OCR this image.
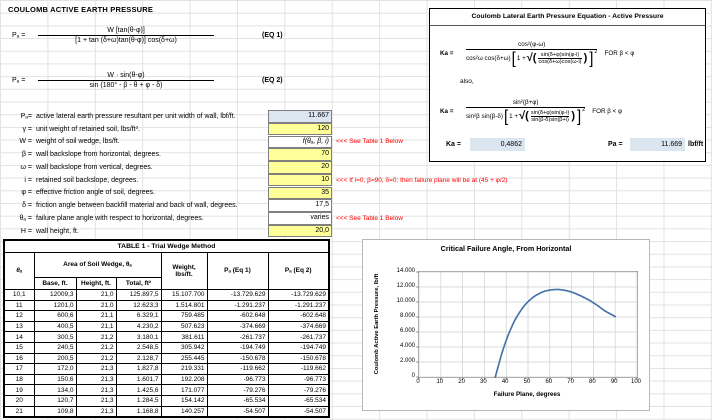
COULOMB ACTIVE EARTH PRESSURE
Pₐ =	$\frac{W [\tan(\theta-\varphi)]}{[1 + \tan (\delta+\omega)\tan(\theta-\varphi)] \cos(\delta+\omega)}$	(EQ 1)
Pₐ =	$\frac{W \cdot \sin(\theta-\varphi)}{\sin (180^\circ - \beta - \theta + \varphi - \delta)}$	(EQ 2)
Pₐ= active lateral earth pressure resultant per unit width of wall, lbf/ft.	11.667
γ = unit weight of retained soil, lbs/ft³.	120
W = weight of soil wedge, lbs/ft.	f(θₐ, β, i)	<<< See Table 1 Below
β = wall backslope from horizontal, degrees.	70
ω = wall backslope from vertical, degrees.	20
i = retained soil backslope, degrees.	10	<<< If i=0, β=90, δ=0; then failure plane will be at (45 + φ/2)
φ = effective friction angle of soil, degrees.	35
δ = friction angle between backfill material and back of wall, degrees.	17,5
θₐ = failure plane angle with respect to horizontal, degrees.	varies	<<< See Table 1 Below
H = wall height, ft.	20,0
Coulomb Lateral Earth Pressure Equation - Active Pressure
Ka =
cos²(φ-ω)
cos²ω cos(δ+ω) [ 1 + √( $\frac{\sin(\delta+\varphi)\sin(\varphi-i)}{\cos(\delta+\omega)\cos(\omega-i)}$ ) ] 2 FOR β < φ
also,
Ka =
sin²(β+φ)
sin²β sin(β-δ) [ 1 + √( $\frac{\sin(\delta+\varphi)\sin(\varphi-i)}{\sin(\beta-\delta)\sin(\beta+i)}$ ) ] 2 FOR β < φ
Ka =	0,4862	Pa =	11.669 lbf/ft
TABLE 1 - Trial Wedge Method						
θₐ	Area of Soil Wedge, θₐ			Weight, lbs/ft.	Pₐ (Eq 1)	Pₐ (Eq 2)
	Base, ft.	Height, ft.	Total, ft²			
10,1	12009,3	21,0	125.897,5	15.107.700	-13.729.629	-13.729.629
11	1201,0	21,0	12.623,3	1.514.801	-1.291.237	-1.291.237
12	600,6	21,1	6.329,1	759.485	-602.648	-602.648
13	400,5	21,1	4.230,2	507.623	-374.669	-374.669
14	300,5	21,2	3.180,1	381.611	-261.737	-261.737
15	240,5	21,2	2.548,5	305.942	-194.749	-194.749
16	200,5	21,2	2.128,7	255.445	-150.678	-150.678
17	172,0	21,3	1.827,8	219.331	-119.662	-119.662
18	150,6	21,3	1.601,7	192.208	-96.773	-96.773
19	134,0	21,3	1.425,6	171.077	-79.276	-79.276
20	120,7	21,3	1.284,5	154.142	-65.534	-65.534
21	109,8	21,3	1.168,8	140.257	-54.507	-54.507
Critical Failure Angle, From Horizontal
Coulomb Active Earth Pressure, lb/ft
Failure Plane, degrees
0
2.000
4.000
6.000
8.000
10.000
12.000
14.000
0	10	20	30	40	50	60	70	80	90	100
